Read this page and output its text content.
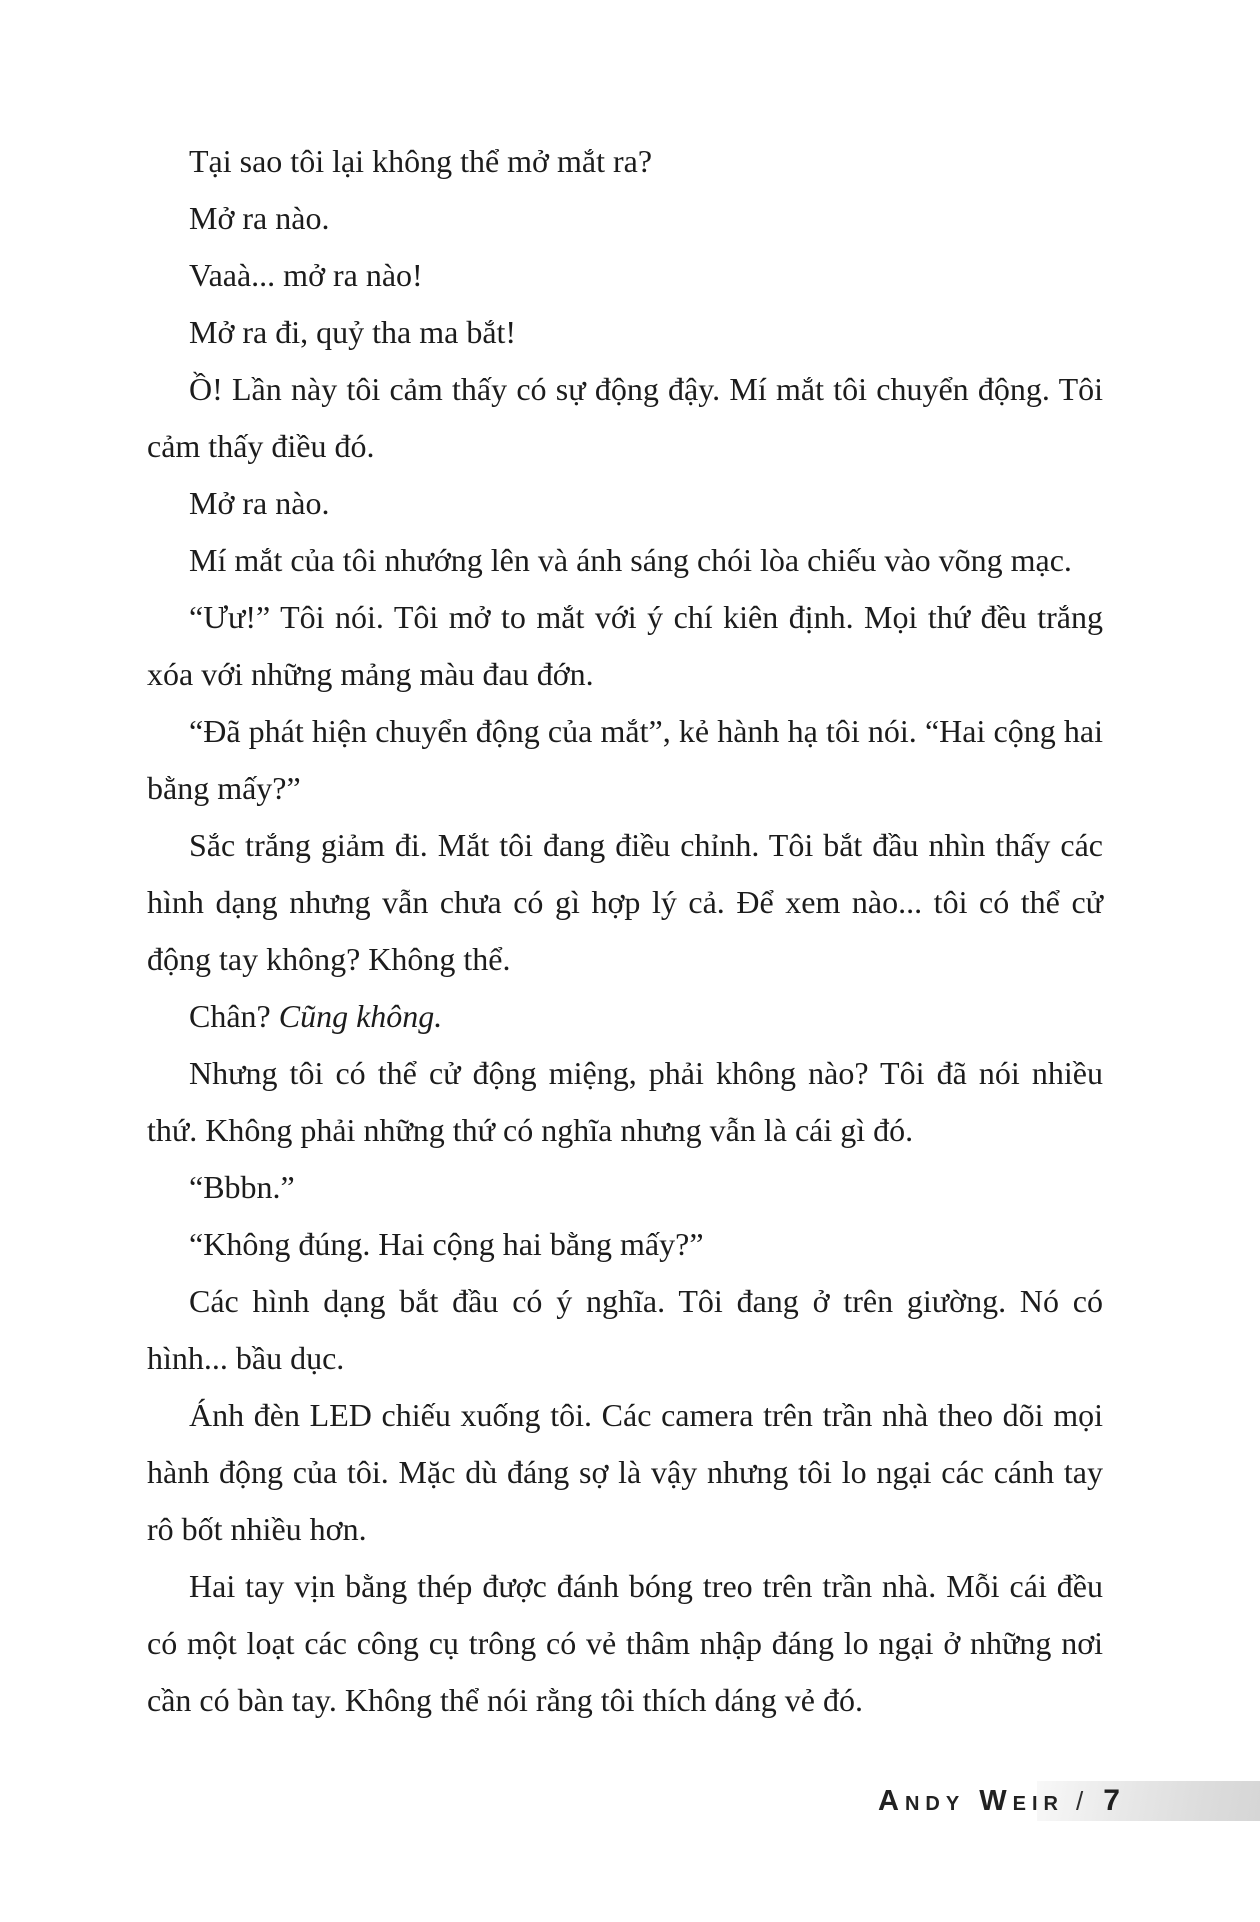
Tại sao tôi lại không thể mở mắt ra?

Mở ra nào.

Vaaà... mở ra nào!

Mở ra đi, quỷ tha ma bắt!

Ồ! Lần này tôi cảm thấy có sự động đậy. Mí mắt tôi chuyển động. Tôi cảm thấy điều đó.

Mở ra nào.

Mí mắt của tôi nhướng lên và ánh sáng chói lòa chiếu vào võng mạc.

“Ưư!” Tôi nói. Tôi mở to mắt với ý chí kiên định. Mọi thứ đều trắng xóa với những mảng màu đau đớn.

“Đã phát hiện chuyển động của mắt”, kẻ hành hạ tôi nói. “Hai cộng hai bằng mấy?”

Sắc trắng giảm đi. Mắt tôi đang điều chỉnh. Tôi bắt đầu nhìn thấy các hình dạng nhưng vẫn chưa có gì hợp lý cả. Để xem nào... tôi có thể cử động tay không? Không thể.

Chân? Cũng không.

Nhưng tôi có thể cử động miệng, phải không nào? Tôi đã nói nhiều thứ. Không phải những thứ có nghĩa nhưng vẫn là cái gì đó.

“Bbbn.”

“Không đúng. Hai cộng hai bằng mấy?”

Các hình dạng bắt đầu có ý nghĩa. Tôi đang ở trên giường. Nó có hình... bầu dục.

Ánh đèn LED chiếu xuống tôi. Các camera trên trần nhà theo dõi mọi hành động của tôi. Mặc dù đáng sợ là vậy nhưng tôi lo ngại các cánh tay rô bốt nhiều hơn.

Hai tay vịn bằng thép được đánh bóng treo trên trần nhà. Mỗi cái đều có một loạt các công cụ trông có vẻ thâm nhập đáng lo ngại ở những nơi cần có bàn tay. Không thể nói rằng tôi thích dáng vẻ đó.

Andy Weir / 7
